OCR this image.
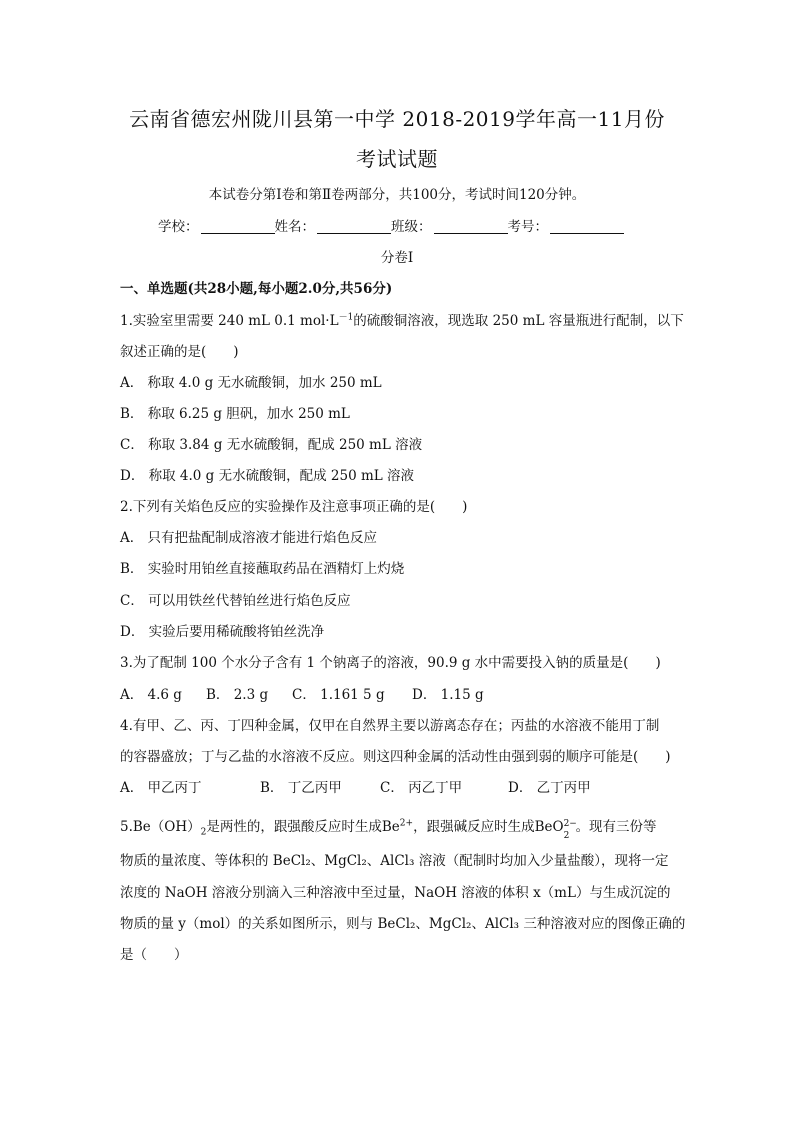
云南省德宏州陇川县第一中学 2018-2019学年高一11月份
考试试题
本试卷分第Ⅰ卷和第Ⅱ卷两部分，共100分，考试时间120分钟。
学校：	姓名：	班级：	考号：
分卷I
一、单选题(共28小题,每小题2.0分,共56分)
1.实验室里需要 240 mL 0.1 $mol\cdot L^{-1}$的硫酸铜溶液，现选取 250 mL 容量瓶进行配制，以下
叙述正确的是(　　)
A． 称取 4.0 g 无水硫酸铜，加水 250 mL
B． 称取 6.25 g 胆矾，加水 250 mL
C． 称取 3.84 g 无水硫酸铜，配成 250 mL 溶液
D． 称取 4.0 g 无水硫酸铜，配成 250 mL 溶液
2.下列有关焰色反应的实验操作及注意事项正确的是(　　)
A． 只有把盐配制成溶液才能进行焰色反应
B． 实验时用铂丝直接蘸取药品在酒精灯上灼烧
C． 可以用铁丝代替铂丝进行焰色反应
D． 实验后要用稀硫酸将铂丝洗净
3.为了配制 100 个水分子含有 1 个钠离子的溶液，90.9 g 水中需要投入钠的质量是(　　)
A． 4.6 g B． 2.3 g C． 1.161 5 g D． 1.15 g
4.有甲、乙、丙、丁四种金属，仅甲在自然界主要以游离态存在；丙盐的水溶液不能用丁制
的容器盛放；丁与乙盐的水溶液不反应。则这四种金属的活动性由强到弱的顺序可能是(　　)
A． 甲乙丙丁	B． 丁乙丙甲	C． 丙乙丁甲	D． 乙丁丙甲
$5.Be(OH)_2$是两性的，跟强酸反应时生成$Be^{2+}$，跟强碱反应时生成BeO 2−
2
。现有三份等
物质的量浓度、等体积的 BeCl₂、MgCl₂、AlCl₃ 溶液（配制时均加入少量盐酸），现将一定
浓度的 NaOH 溶液分别滴入三种溶液中至过量，NaOH 溶液的体积 x（mL）与生成沉淀的
物质的量 y（mol）的关系如图所示，则与 BeCl₂、MgCl₂、AlCl₃ 三种溶液对应的图像正确的
是（　　）
